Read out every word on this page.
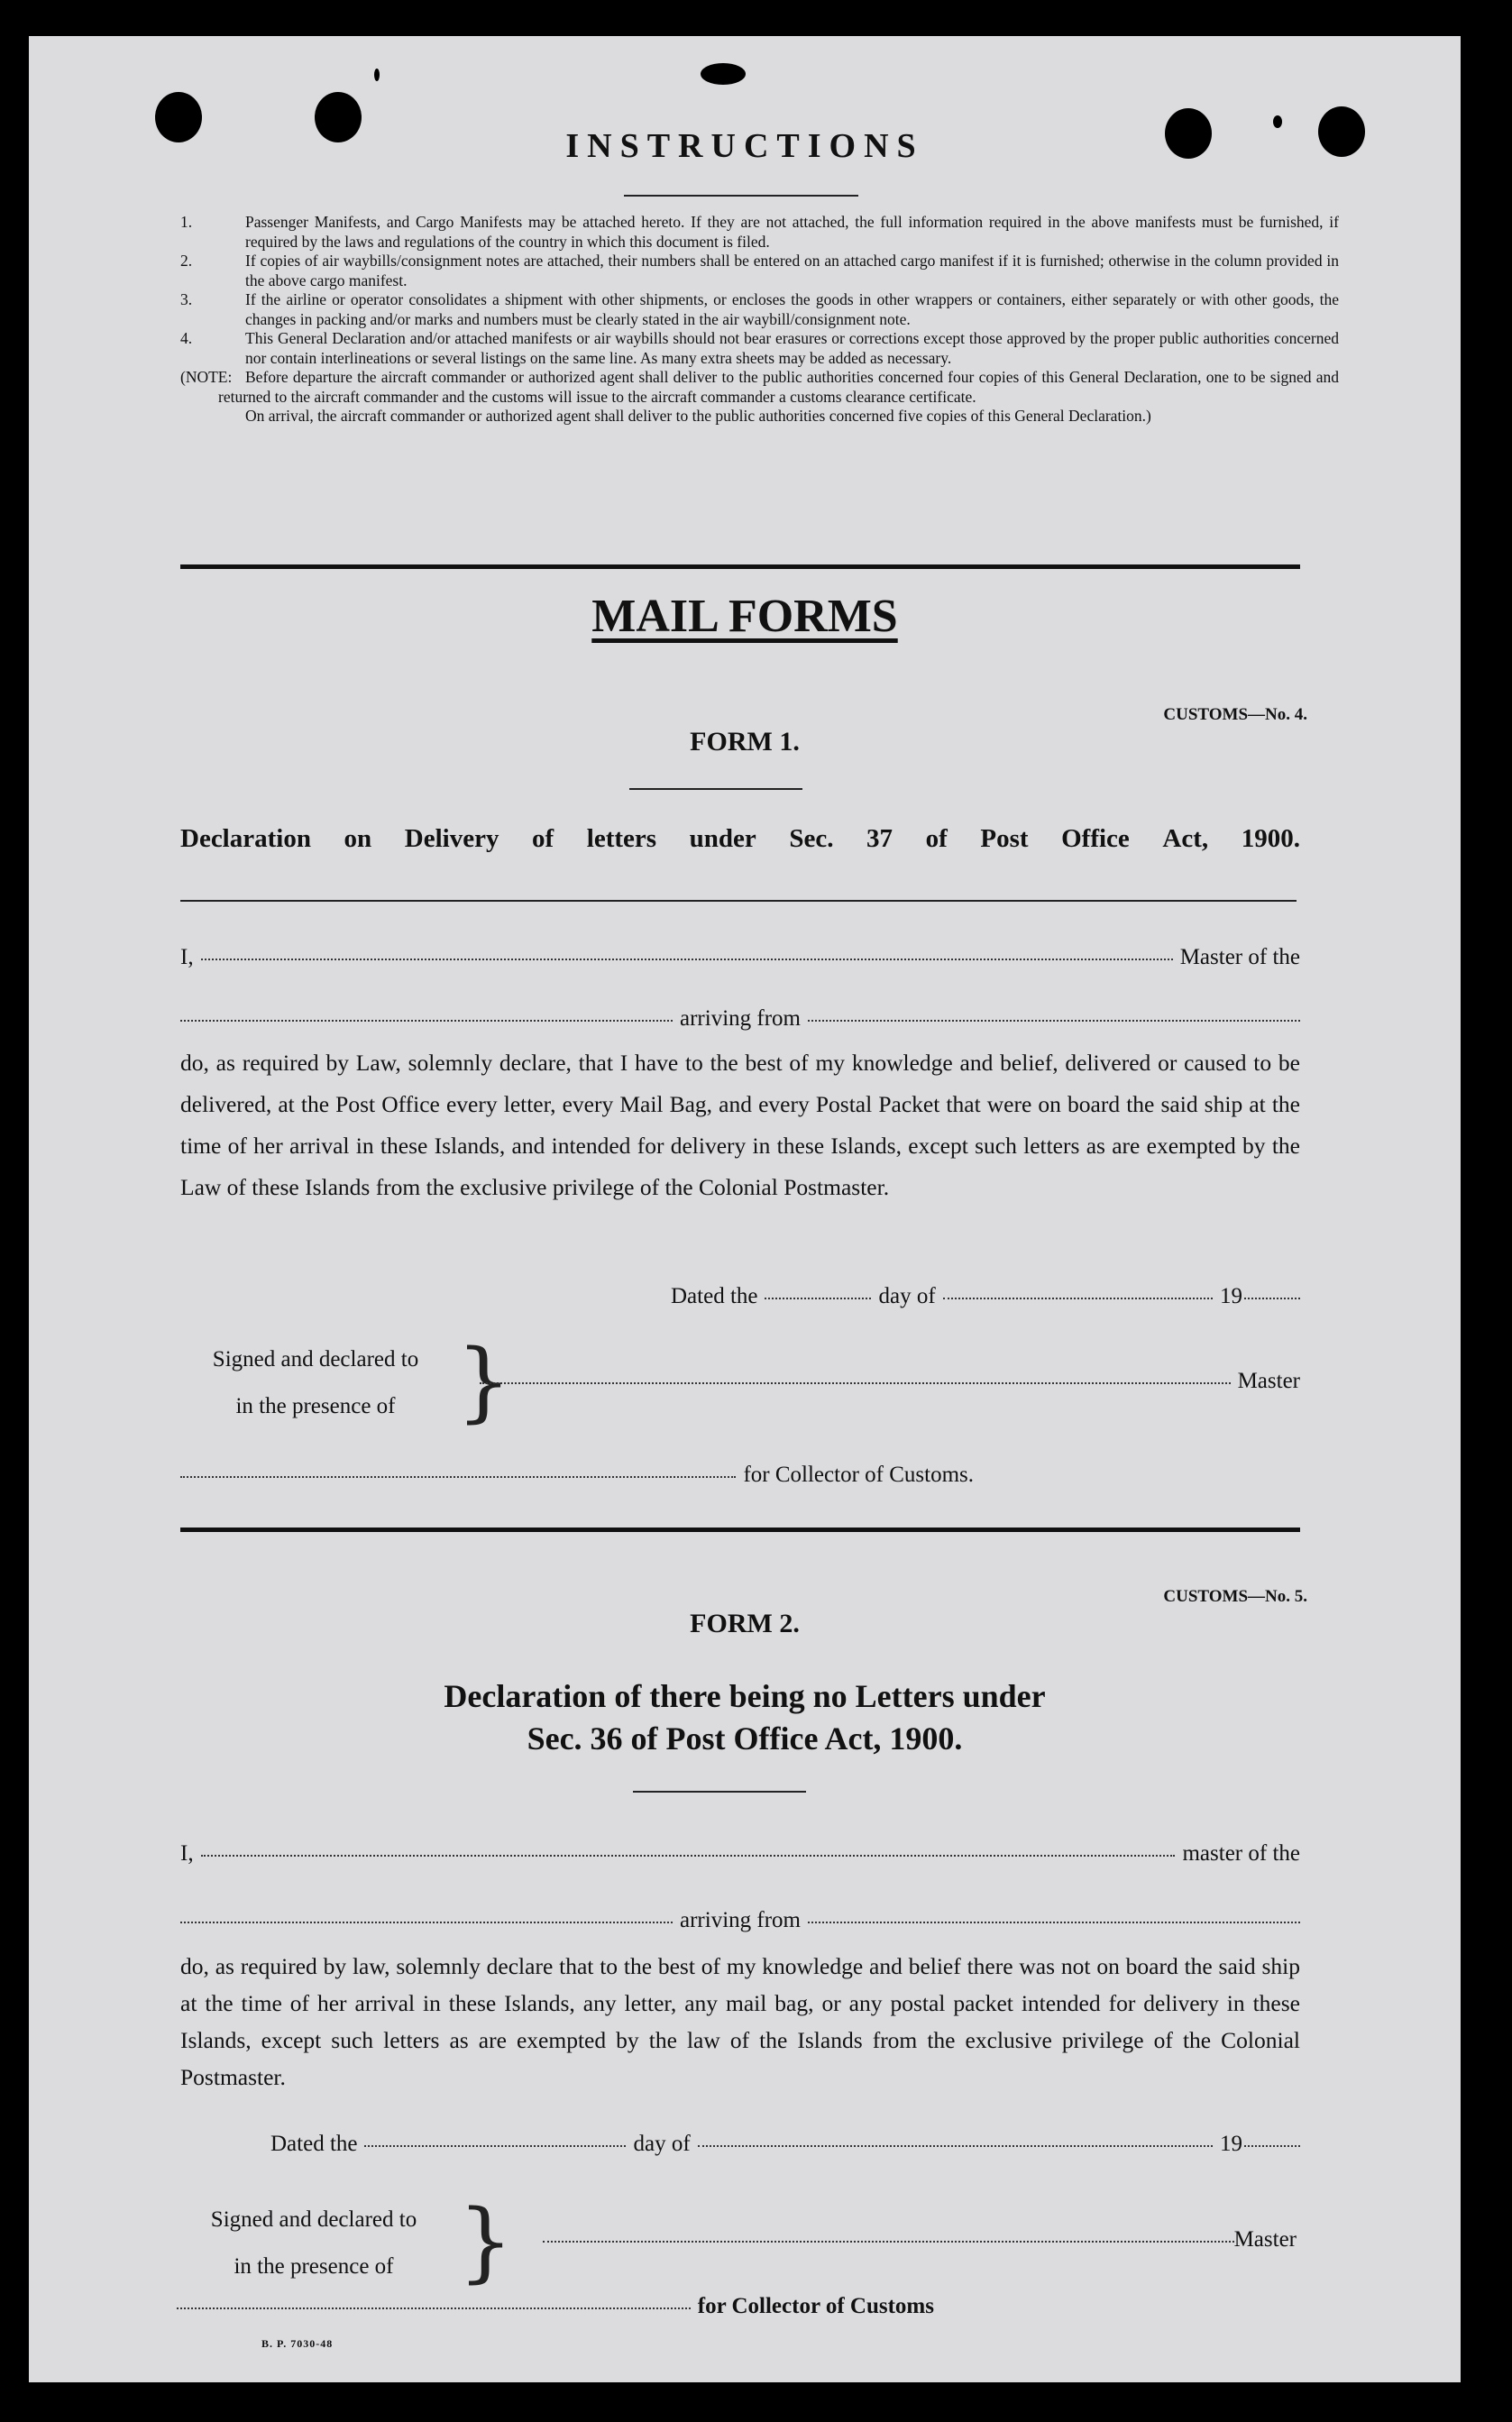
INSTRUCTIONS
1.	Passenger Manifests, and Cargo Manifests may be attached hereto. If they are not attached, the full information required in the above manifests must be furnished, if required by the laws and regulations of the country in which this document is filed.
2.	If copies of air waybills/consignment notes are attached, their numbers shall be entered on an attached cargo manifest if it is furnished; otherwise in the column provided in the above cargo manifest.
3.	If the airline or operator consolidates a shipment with other shipments, or encloses the goods in other wrappers or containers, either separately or with other goods, the changes in packing and/or marks and numbers must be clearly stated in the air waybill/consignment note.
4.	This General Declaration and/or attached manifests or air waybills should not bear erasures or corrections except those approved by the proper public authorities concerned nor contain interlineations or several listings on the same line. As many extra sheets may be added as necessary.
(NOTE: Before departure the aircraft commander or authorized agent shall deliver to the public authorities concerned four copies of this General Declaration, one to be signed and returned to the aircraft commander and the customs will issue to the aircraft commander a customs clearance certificate.
On arrival, the aircraft commander or authorized agent shall deliver to the public authorities concerned five copies of this General Declaration.)
MAIL FORMS
CUSTOMS—No. 4.
FORM 1.
Declaration on Delivery of letters under Sec. 37 of Post Office Act, 1900.
I,	Master of the
arriving from
do, as required by Law, solemnly declare, that I have to the best of my knowledge and belief, delivered or caused to be delivered, at the Post Office every letter, every Mail Bag, and every Postal Packet that were on board the said ship at the time of her arrival in these Islands, and intended for delivery in these Islands, except such letters as are exempted by the Law of these Islands from the exclusive privilege of the Colonial Postmaster.
Dated the	day of	19
Signed and declared to
in the presence of }	Master
for Collector of Customs.
CUSTOMS—No. 5.
FORM 2.
Declaration of there being no Letters under
Sec. 36 of Post Office Act, 1900.
I,	master of the
arriving from
do, as required by law, solemnly declare that to the best of my knowledge and belief there was not on board the said ship at the time of her arrival in these Islands, any letter, any mail bag, or any postal packet intended for delivery in these Islands, except such letters as are exempted by the law of the Islands from the exclusive privilege of the Colonial Postmaster.
Dated the	day of	19
Signed and declared to
in the presence of }	Master
for Collector of Customs
B. P. 7030-48
